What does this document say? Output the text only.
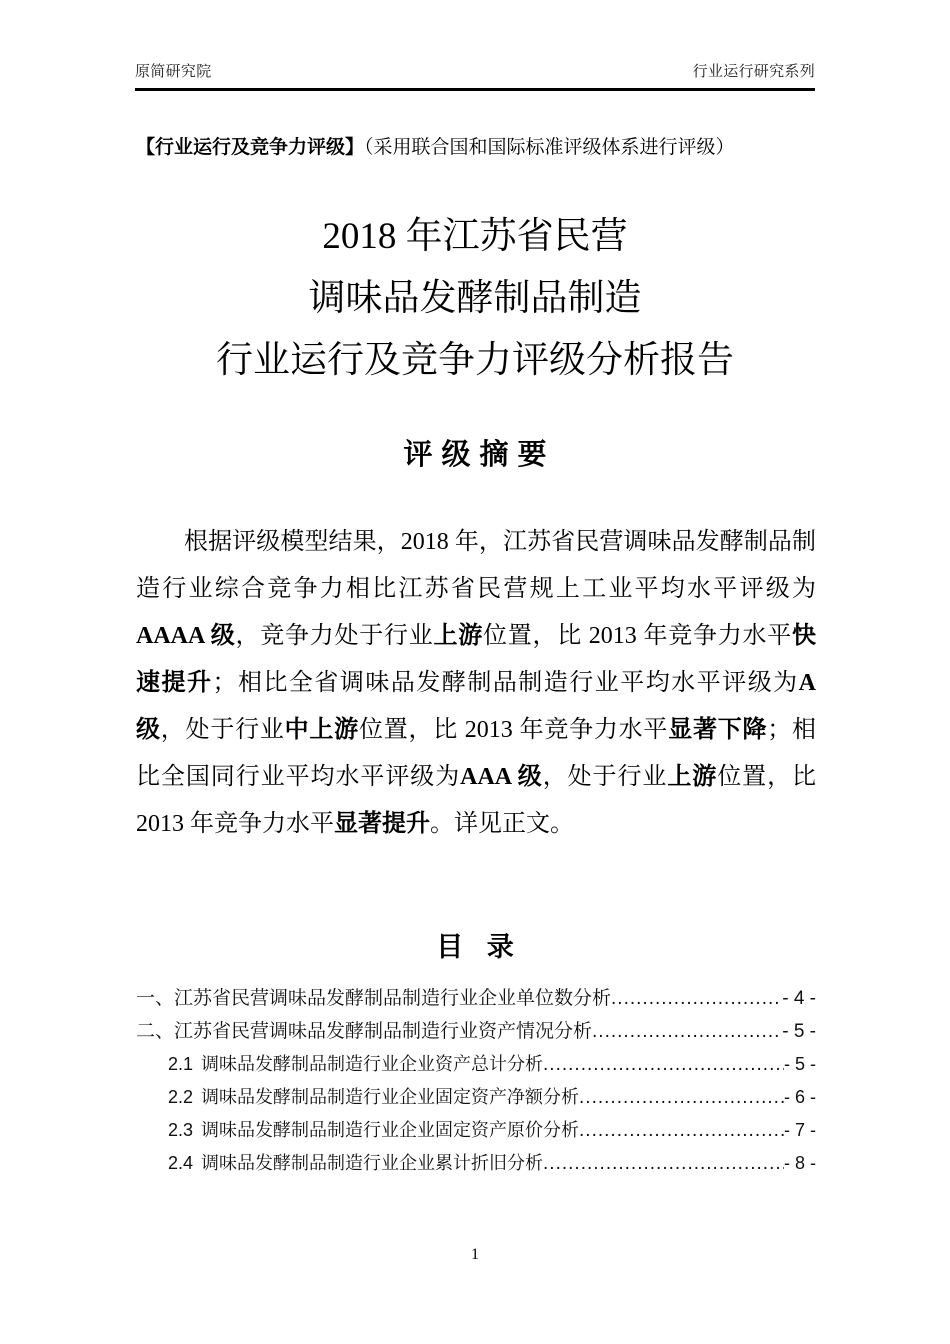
原简研究院	行业运行研究系列
【行业运行及竞争力评级】（采用联合国和国际标准评级体系进行评级）
2018 年江苏省民营
调味品发酵制品制造
行业运行及竞争力评级分析报告
评级摘要

根据评级模型结果，2018 年，江苏省民营调味品发酵制品制造行业综合竞争力相比江苏省民营规上工业平均水平评级为AAAA 级，竞争力处于行业上游位置，比 2013 年竞争力水平快速提升；相比全省调味品发酵制品制造行业平均水平评级为A 级，处于行业中上游位置，比 2013 年竞争力水平显著下降；相比全国同行业平均水平评级为AAA 级，处于行业上游位置，比 2013 年竞争力水平显著提升。详见正文。

目 录
一、江苏省民营调味品发酵制品制造行业企业单位数分析 .....	- 4 -
二、江苏省民营调味品发酵制品制造行业资产情况分析 .....	- 5 -
2.1 调味品发酵制品制造行业企业资产总计分析 .....	- 5 -
2.2 调味品发酵制品制造行业企业固定资产净额分析 .....	- 6 -
2.3 调味品发酵制品制造行业企业固定资产原价分析 .....	- 7 -
2.4 调味品发酵制品制造行业企业累计折旧分析 .....	- 8 -
1
